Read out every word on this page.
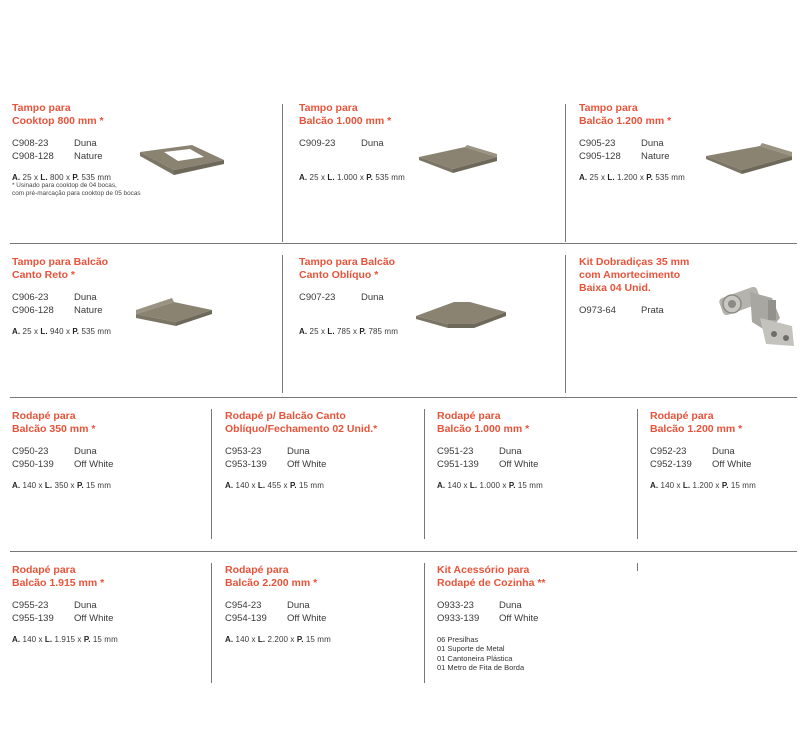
Tampo para
Cooktop 800 mm *
C908-23	Duna
C908-128	Nature
A. 25 x L. 800 x P. 535 mm
* Usinado para cooktop de 04 bocas,
com pré-marcação para cooktop de 05 bocas
Tampo para
Balcão 1.000 mm *
C909-23	Duna
A. 25 x L. 1.000 x P. 535 mm
Tampo para
Balcão 1.200 mm *
C905-23	Duna
C905-128	Nature
A. 25 x L. 1.200 x P. 535 mm
Tampo para Balcão
Canto Reto *
C906-23	Duna
C906-128	Nature
A. 25 x L. 940 x P. 535 mm
Tampo para Balcão
Canto Oblíquo *
C907-23	Duna
A. 25 x L. 785 x P. 785 mm
Kit Dobradiças 35 mm
com Amortecimento
Baixa 04 Unid.
O973-64	Prata
Rodapé para
Balcão 350 mm *
C950-23	Duna
C950-139	Off White
A. 140 x L. 350 x P. 15 mm
Rodapé p/ Balcão Canto
Oblíquo/Fechamento 02 Unid.*
C953-23	Duna
C953-139	Off White
A. 140 x L. 455 x P. 15 mm
Rodapé para
Balcão 1.000 mm *
C951-23	Duna
C951-139	Off White
A. 140 x L. 1.000 x P. 15 mm
Rodapé para
Balcão 1.200 mm *
C952-23	Duna
C952-139	Off White
A. 140 x L. 1.200 x P. 15 mm
Rodapé para
Balcão 1.915 mm *
C955-23	Duna
C955-139	Off White
A. 140 x L. 1.915 x P. 15 mm
Rodapé para
Balcão 2.200 mm *
C954-23	Duna
C954-139	Off White
A. 140 x L. 2.200 x P. 15 mm
Kit Acessório para
Rodapé de Cozinha **
O933-23	Duna
O933-139	Off White
06 Presilhas
01 Suporte de Metal
01 Cantoneira Plástica
01 Metro de Fita de Borda
